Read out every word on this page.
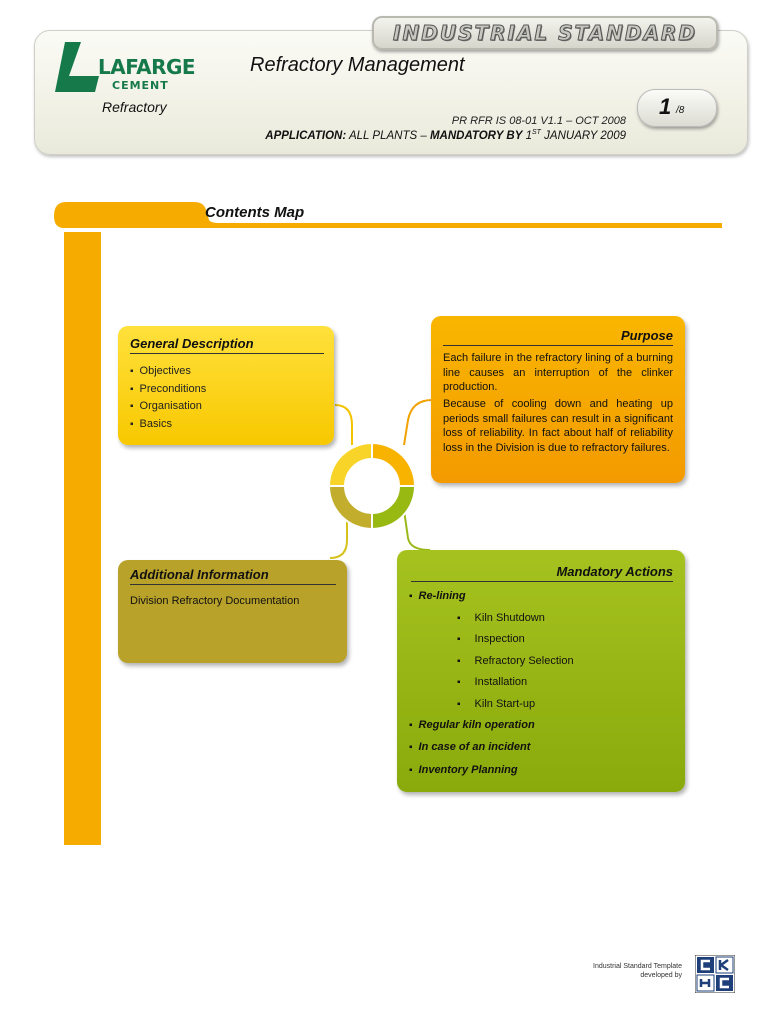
LAFARGE
CEMENT
INDUSTRIAL STANDARD
Refractory Management
Refractory	1 /8
PR RFR IS 08-01 V1.1 – OCT 2008
APPLICATION: ALL PLANTS – MANDATORY BY 1ST JANUARY 2009
Contents Map
General Description
▪ Objectives
▪ Preconditions
▪ Organisation
▪ Basics
Purpose

Each failure in the refractory lining of a burning line causes an interruption of the clinker production.

Because of cooling down and heating up periods small failures can result in a significant loss of reliability. In fact about half of reliability loss in the Division is due to refractory failures.

Additional Information
Division Refractory Documentation
Mandatory Actions
▪ Re-lining
▪ Kiln Shutdown
▪ Inspection
▪ Refractory Selection
▪ Installation
▪ Kiln Start-up
▪ Regular kiln operation
▪ In case of an incident
▪ Inventory Planning
Industrial Standard Template
developed by
